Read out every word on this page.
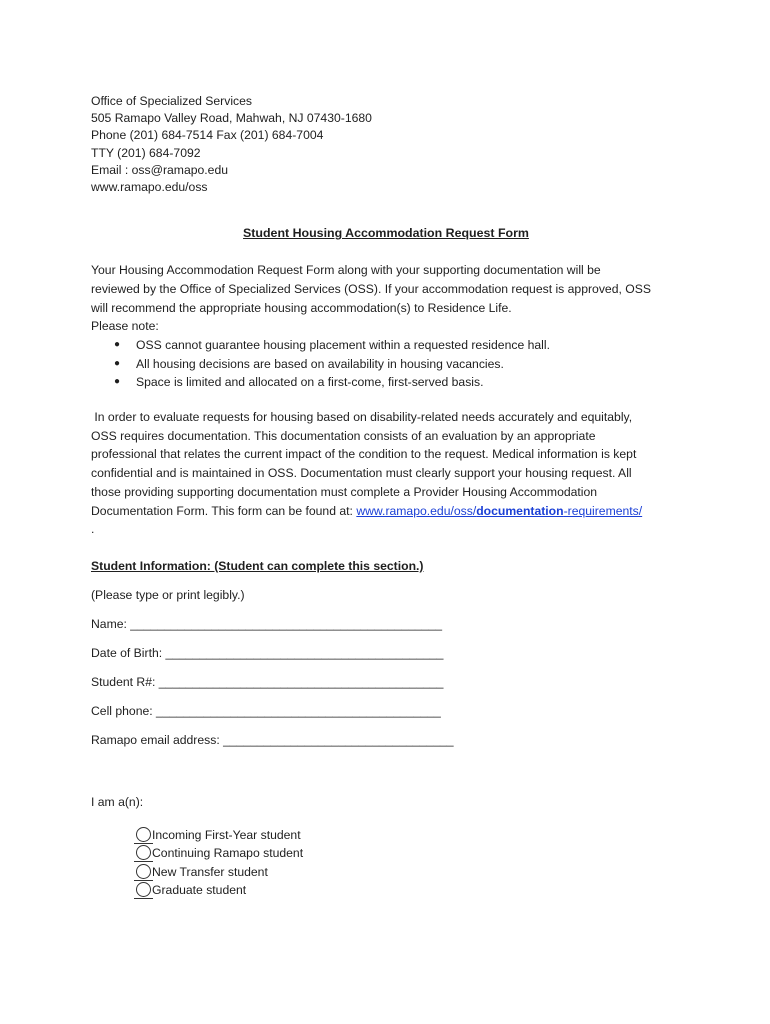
Office of Specialized Services
505 Ramapo Valley Road, Mahwah, NJ 07430-1680
Phone (201) 684-7514 Fax (201) 684-7004
TTY (201) 684-7092
Email : oss@ramapo.edu
www.ramapo.edu/oss
Student Housing Accommodation Request Form
Your Housing Accommodation Request Form along with your supporting documentation will be
reviewed by the Office of Specialized Services (OSS). If your accommodation request is approved, OSS
will recommend the appropriate housing accommodation(s) to Residence Life.
Please note:
● OSS cannot guarantee housing placement within a requested residence hall.
● All housing decisions are based on availability in housing vacancies.
● Space is limited and allocated on a first-come, first-served basis.
In order to evaluate requests for housing based on disability-related needs accurately and equitably,
OSS requires documentation. This documentation consists of an evaluation by an appropriate
professional that relates the current impact of the condition to the request. Medical information is kept
confidential and is maintained in OSS. Documentation must clearly support your housing request. All
those providing supporting documentation must complete a Provider Housing Accommodation
Documentation Form. This form can be found at: www.ramapo.edu/oss/documentation-requirements/
.
Student Information: (Student can complete this section.)
(Please type or print legibly.)
Name: ______________________________________________
Date of Birth: _________________________________________
Student R#: __________________________________________
Cell phone: __________________________________________
Ramapo email address: __________________________________
I am a(n):
Incoming First-Year student
Continuing Ramapo student
New Transfer student
Graduate student
